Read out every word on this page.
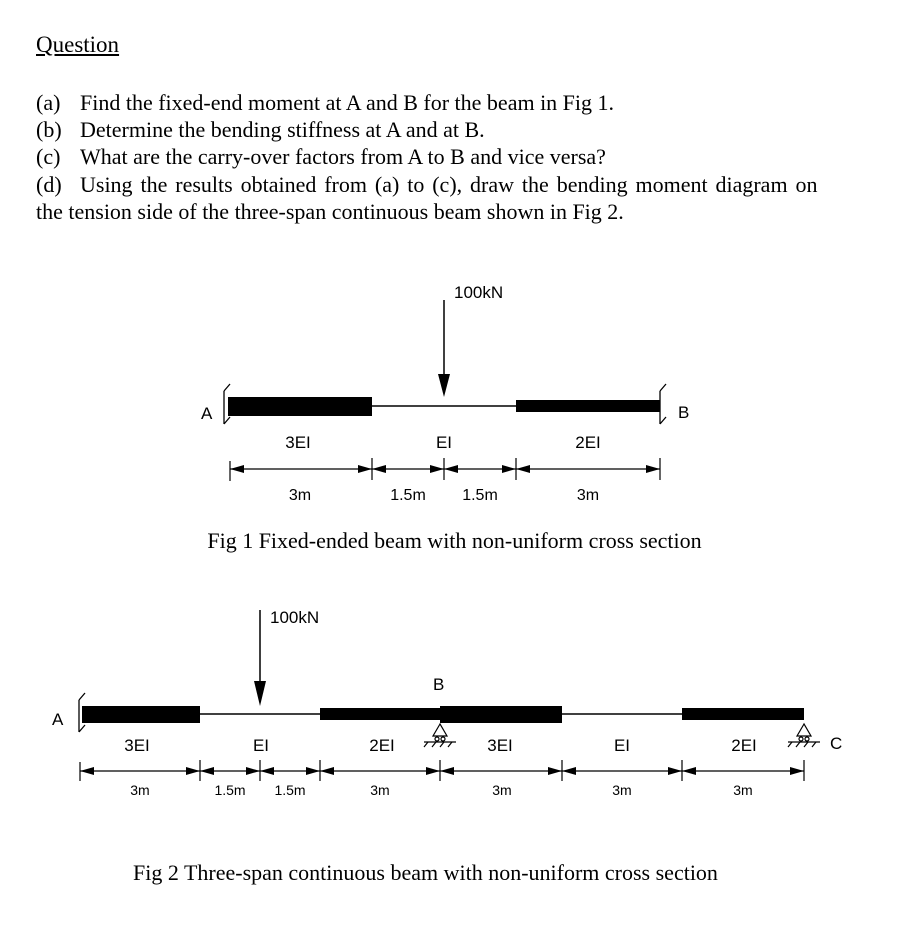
Question
(a) Find the fixed-end moment at A and B for the beam in Fig 1.
(b) Determine the bending stiffness at A and at B.
(c) What are the carry-over factors from A to B and vice versa?
(d) Using the results obtained from (a) to (c), draw the bending moment diagram on
the tension side of the three-span continuous beam shown in Fig 2.
A	B
100kN
3EI	EI	2EI
3m	1.5m 1.5m	3m
A
B
C
100kN
3EI	EI	2EI	3EI	EI	2EI
3m	1.5m 1.5m	3m	3m	3m	3m
Fig 1 Fixed-ended beam with non-uniform cross section
Fig 2 Three-span continuous beam with non-uniform cross section
